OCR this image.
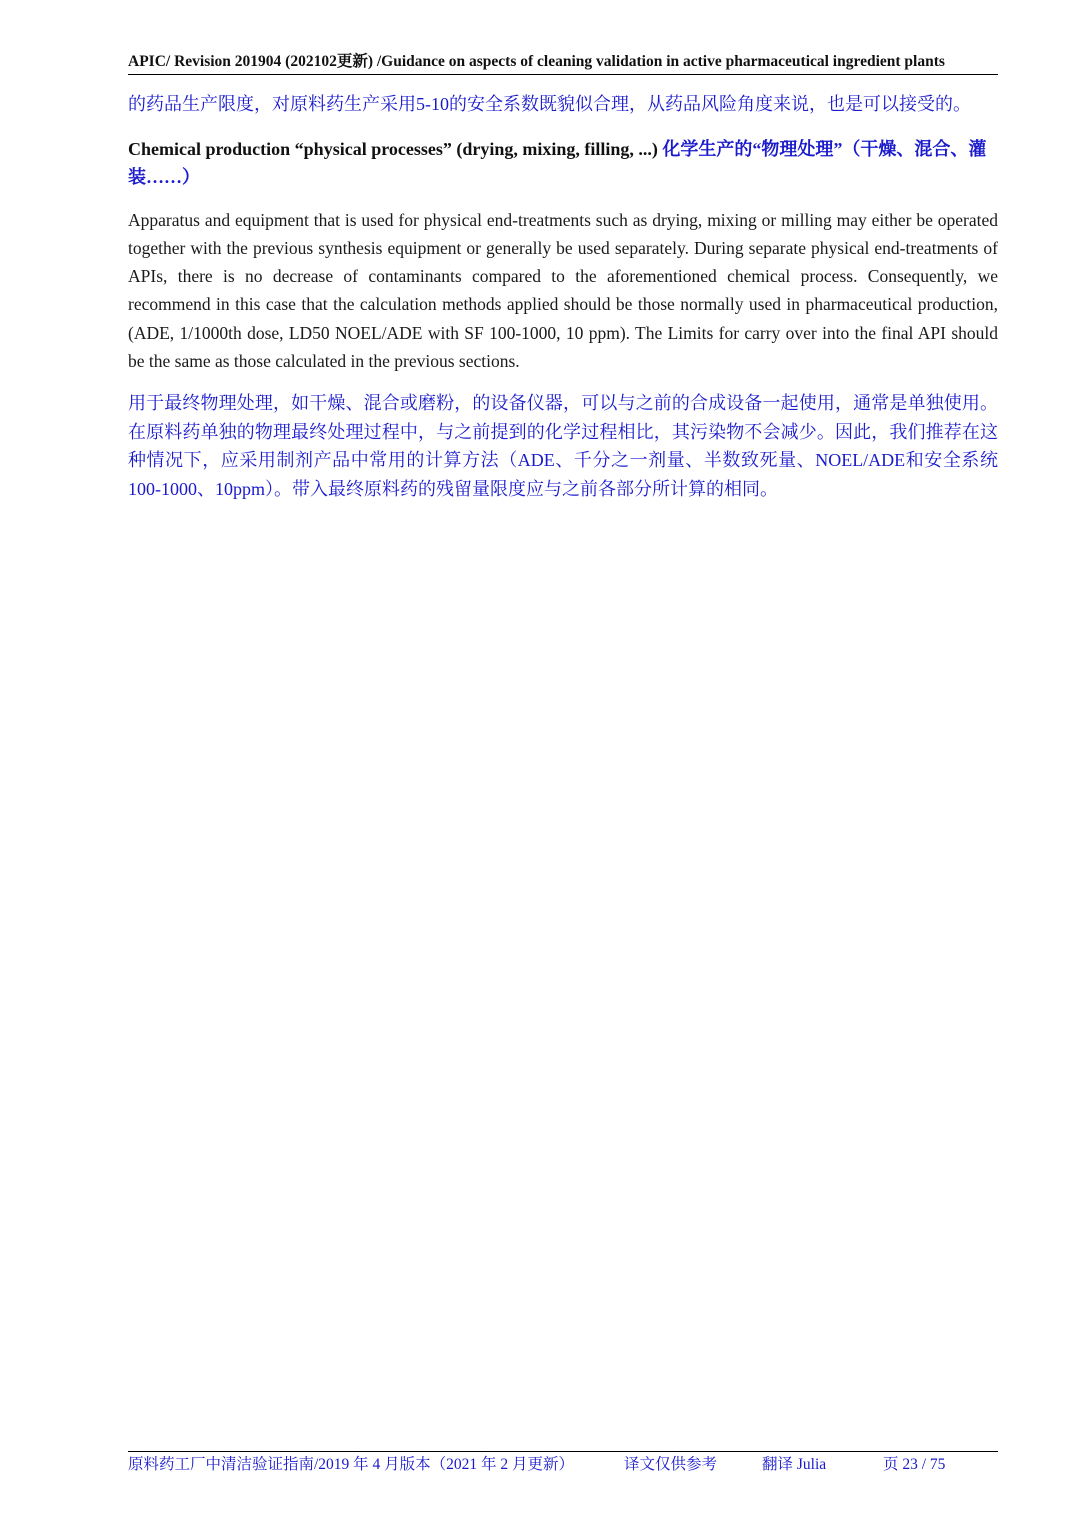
APIC/ Revision 201904 (202102更新) /Guidance on aspects of cleaning validation in active pharmaceutical ingredient plants

的药品生产限度，对原料药生产采用5-10的安全系数既貌似合理，从药品风险角度来说，也是可以接受的。

Chemical production “physical processes” (drying, mixing, filling, ...) 化学生产的“物理处理”（干燥、混合、灌装……）

Apparatus and equipment that is used for physical end-treatments such as drying, mixing or milling may either be operated together with the previous synthesis equipment or generally be used separately. During separate physical end-treatments of APIs, there is no decrease of contaminants compared to the aforementioned chemical process. Consequently, we recommend in this case that the calculation methods applied should be those normally used in pharmaceutical production, (ADE, 1/1000th dose, LD50 NOEL/ADE with SF 100-1000, 10 ppm). The Limits for carry over into the final API should be the same as those calculated in the previous sections.

用于最终物理处理，如干燥、混合或磨粉，的设备仪器，可以与之前的合成设备一起使用，通常是单独使用。在原料药单独的物理最终处理过程中，与之前提到的化学过程相比，其污染物不会减少。因此，我们推荐在这种情况下，应采用制剂产品中常用的计算方法（ADE、千分之一剂量、半数致死量、NOEL/ADE和安全系统 100-1000、10ppm）。带入最终原料药的残留量限度应与之前各部分所计算的相同。

原料药工厂中清洁验证指南/2019 年 4 月版本（2021 年 2 月更新）	译文仅供参考	翻译 Julia	页 23 / 75
